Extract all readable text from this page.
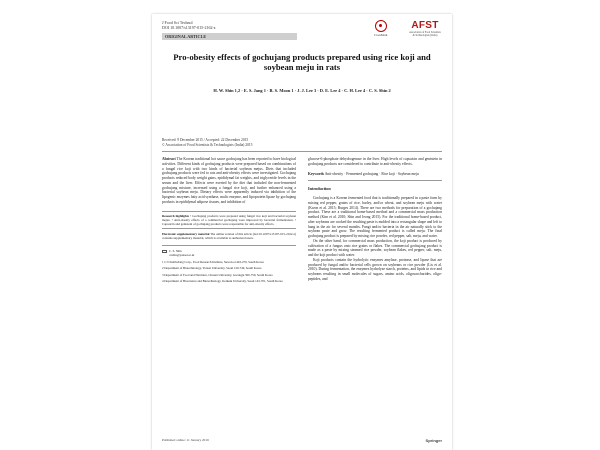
J Food Sci Technol
DOI 10.1007/s13197-015-2162-z
ORIGINAL ARTICLE	CrossMark
AFST
Association of Food Scientists & Technologists (India)
Pro-obesity effects of gochujang products prepared using rice koji and soybean meju in rats
H. W. Shin 1,2 · E. S. Jang 1 · B. S. Moon 1 · J. J. Lee 3 · D. E. Lee 4 · C. H. Lee 4 · C. S. Shin 2
Received: 9 December 2015 / Accepted: 22 December 2015
© Association of Food Scientists & Technologists (India) 2015

Abstract The Korean traditional hot sauce gochujang has been reported to have biological activities. Different kinds of gochujang products were prepared based on combinations of a fungal rice koji with two kinds of bacterial soybean mejus. Diets that included gochujang products were fed to rats and anti-obesity effects were investigated. Gochujang products reduced body weight gains, epididymal fat weights, and triglyceride levels in the serum and the liver. Effects were exerted by the diet that included the non-fermented gochujang mixture, increased using a fungal rice koji, and further enhanced using a bacterial soybean meju. Dietary effects were apparently induced via inhibition of the lipogenic enzymes fatty acid synthase, malic enzyme, and lipoprotein lipase by gochujang products in epididymal adipose tissues, and inhibition of

Research highlights • Gochujang products were prepared using fungal rice koji and bacterial soybean mejus. • Anti-obesity effects of a commercial gochujang were improved by bacterial fermentation. • Capsaicin and genistein of gochujang products were responsible for anti-obesity effects.
Electronic supplementary material The online version of this article (doi:10.1007/s13197-015-2162-z) contains supplementary material, which is available to authorized users.
C. S. Shin
cssbin@yonsei.ac.kr
1 CJ CheilJedang Corp., Food Research Institute, Suwon-si 443-270, South Korea
2 Department of Biotechnology, Yonsei University, Seoul 120-749, South Korea
3 Department of Food and Nutrition, Chosun University, Gwangju 500-759, South Korea
4 Department of Bioscience and Biotechnology, Konkuk University, Seoul 143-701, South Korea

glucose-6-phosphate dehydrogenase in the liver. High levels of capsaicin and genistein in gochujang products are considered to contribute to anti-obesity effects.

Keywords Anti-obesity · Fermented gochujang · Rice koji · Soybean meju

Introduction

Gochujang is a Korean fermented food that is traditionally prepared in a paste form by mixing red pepper, grains of rice, barley, and/or wheat, and soybean meju with water (Kwon et al. 2015; Burges 2014). There are two methods for preparation of a gochujang product. These are a traditional home-based method and a commercial mass production method (Kim et al. 2010; Shin and Jeong 2015). For the traditional home-based product, after soybeans are cooked the resulting paste is molded into a rectangular shape and left to hang in the air for several months. Fungi and/or bacteria in the air naturally stick to the soybean paste and grow. The resulting fermented product is called meju. The final gochujang product is prepared by mixing rice powder, red pepper, salt, meju, and water.

On the other hand, for commercial mass production, the koji product is produced by cultivation of a fungus onto rice grains or flakes. The commercial gochujang product is made as a paste by mixing steamed rice powder, soybean flakes, red pepper, salt, meju, and the koji product with water.

Koji products contain the hydrolytic enzymes amylase, protease, and lipase that are produced by fungal and/or bacterial cells grown on soybeans or rice powder (Lis et al. 2010). During fermentation, the enzymes hydrolyze starch, proteins, and lipids in rice and soybeans resulting in small molecules of sugars, amino acids, oligosaccharides, oligo-peptides, and

Published online: 11 January 2016	Springer
